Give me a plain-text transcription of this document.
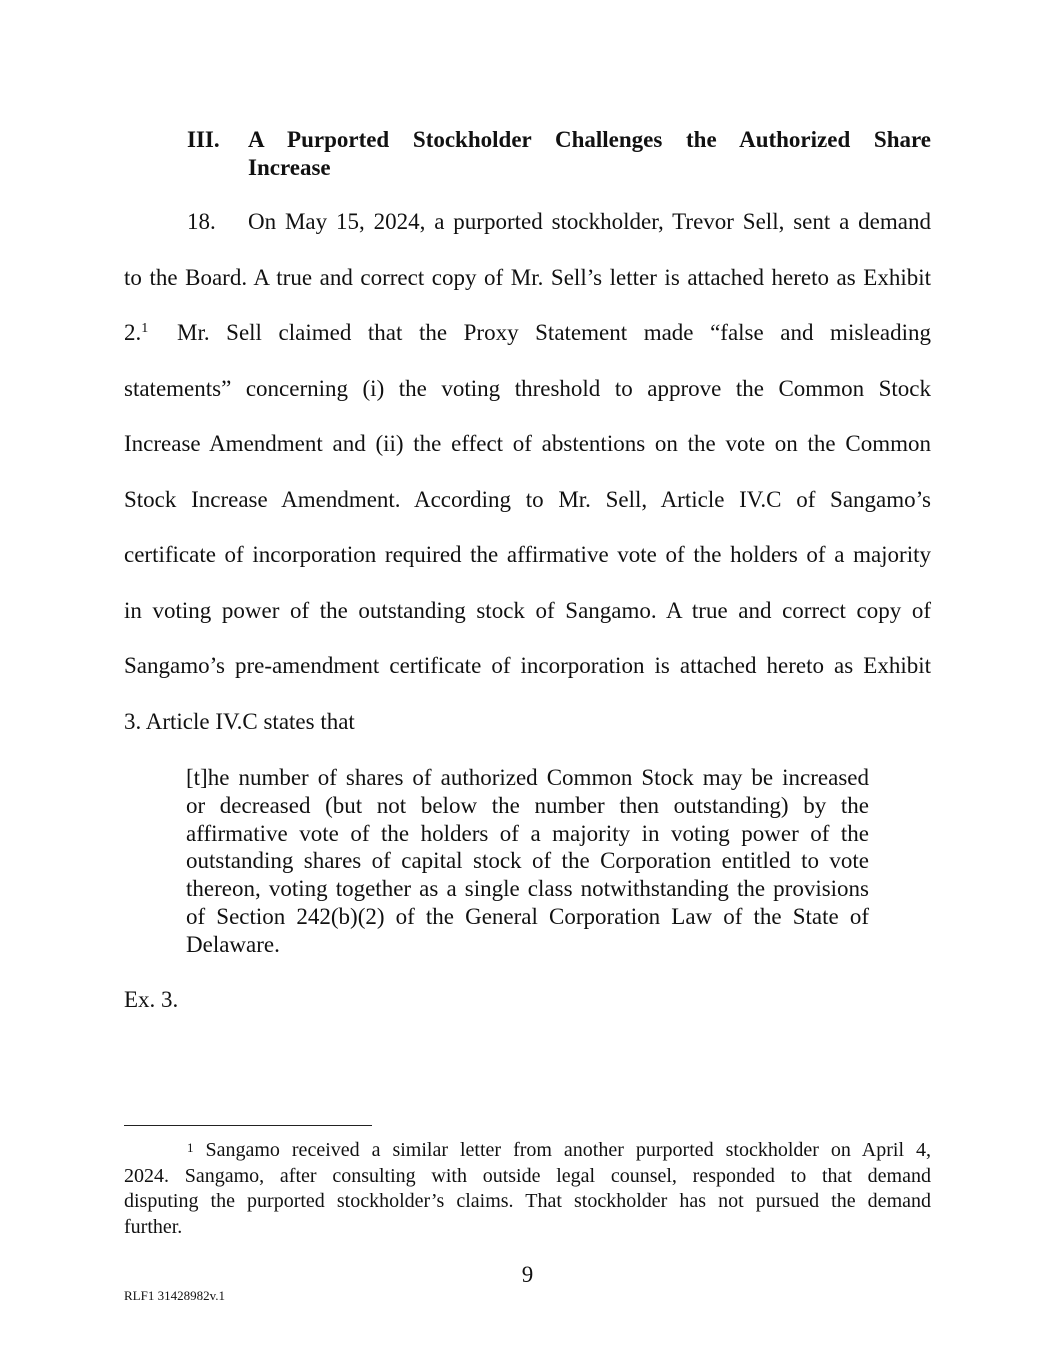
III. A Purported Stockholder Challenges the Authorized Share
Increase
18. On May 15, 2024, a purported stockholder, Trevor Sell, sent a demand
to the Board. A true and correct copy of Mr. Sell’s letter is attached hereto as Exhibit
2.$^1$ Mr. Sell claimed that the Proxy Statement made “false and misleading
statements” concerning (i) the voting threshold to approve the Common Stock
Increase Amendment and (ii) the effect of abstentions on the vote on the Common
Stock Increase Amendment. According to Mr. Sell, Article IV.C of Sangamo’s
certificate of incorporation required the affirmative vote of the holders of a majority
in voting power of the outstanding stock of Sangamo. A true and correct copy of
Sangamo’s pre-amendment certificate of incorporation is attached hereto as Exhibit
3. Article IV.C states that
[t]he number of shares of authorized Common Stock may be increased
or decreased (but not below the number then outstanding) by the
affirmative vote of the holders of a majority in voting power of the
outstanding shares of capital stock of the Corporation entitled to vote
thereon, voting together as a single class notwithstanding the provisions
of Section 242(b)(2) of the General Corporation Law of the State of
Delaware.
Ex. 3.
$^1$ Sangamo received a similar letter from another purported stockholder on April 4,
2024. Sangamo, after consulting with outside legal counsel, responded to that demand
disputing the purported stockholder’s claims. That stockholder has not pursued the demand
further.
9
RLF1 31428982v.1
